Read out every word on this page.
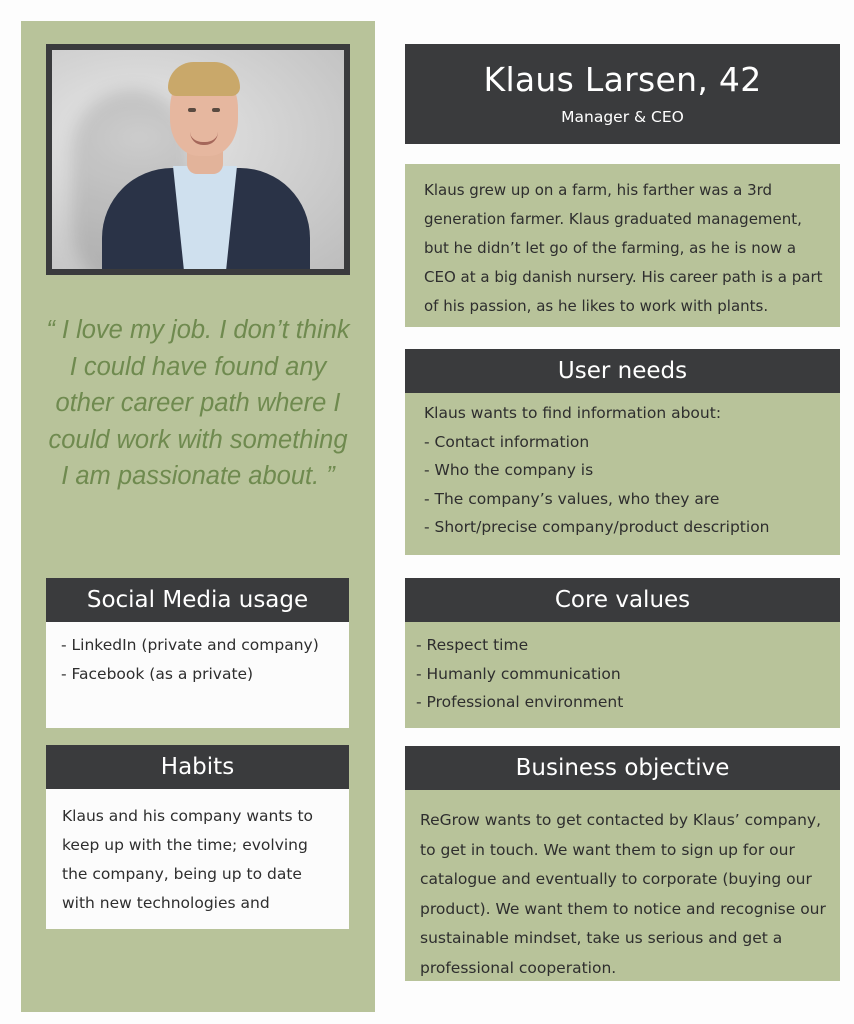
“ I love my job. I don’t think I could have found any other career path where I could work with something I am passionate about. ”

Klaus Larsen, 42
Manager & CEO

Klaus grew up on a farm, his farther was a 3rd generation farmer. Klaus graduated management, but he didn’t let go of the farming, as he is now a CEO at a big danish nursery. His career path is a part of his passion, as he likes to work with plants.

User needs
Klaus wants to find information about:
- Contact information
- Who the company is
- The company’s values, who they are
- Short/precise company/product description
Core values
- Respect time
- Humanly communication
- Professional environment
Business objective

ReGrow wants to get contacted by Klaus’ company, to get in touch. We want them to sign up for our catalogue and eventually to corporate (buying our product). We want them to notice and recognise our sustainable mindset, take us serious and get a professional cooperation.

Social Media usage
- LinkedIn (private and company)
- Facebook (as a private)
Habits

Klaus and his company wants to keep up with the time; evolving the company, being up to date with new technologies and
